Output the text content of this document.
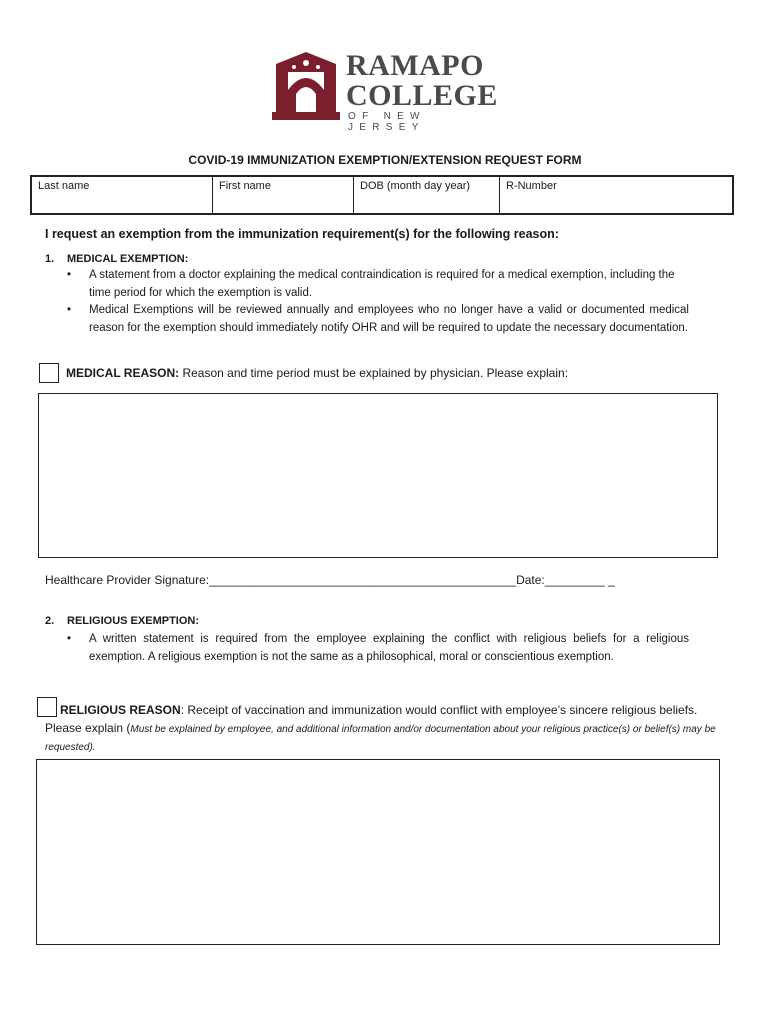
RAMAPO
COLLEGE
OF NEW JERSEY
COVID-19 IMMUNIZATION EXEMPTION/EXTENSION REQUEST FORM
Last name	First name	DOB (month day year)	R-Number
I request an exemption from the immunization requirement(s) for the following reason:
1. MEDICAL EXEMPTION:
•	A statement from a doctor explaining the medical contraindication is required for a medical exemption, including the time period for which the exemption is valid.
•	Medical Exemptions will be reviewed annually and employees who no longer have a valid or documented medical reason for the exemption should immediately notify OHR and will be required to update the necessary documentation.
MEDICAL REASON: Reason and time period must be explained by physician. Please explain:
Healthcare Provider Signature:______________________________________________Date:_________ _
2. RELIGIOUS EXEMPTION:
•	A written statement is required from the employee explaining the conflict with religious beliefs for a religious exemption. A religious exemption is not the same as a philosophical, moral or conscientious exemption.
RELIGIOUS REASON: Receipt of vaccination and immunization would conflict with employee’s sincere religious beliefs.
Please explain (Must be explained by employee, and additional information and/or documentation about your religious practice(s) or belief(s) may be requested).
